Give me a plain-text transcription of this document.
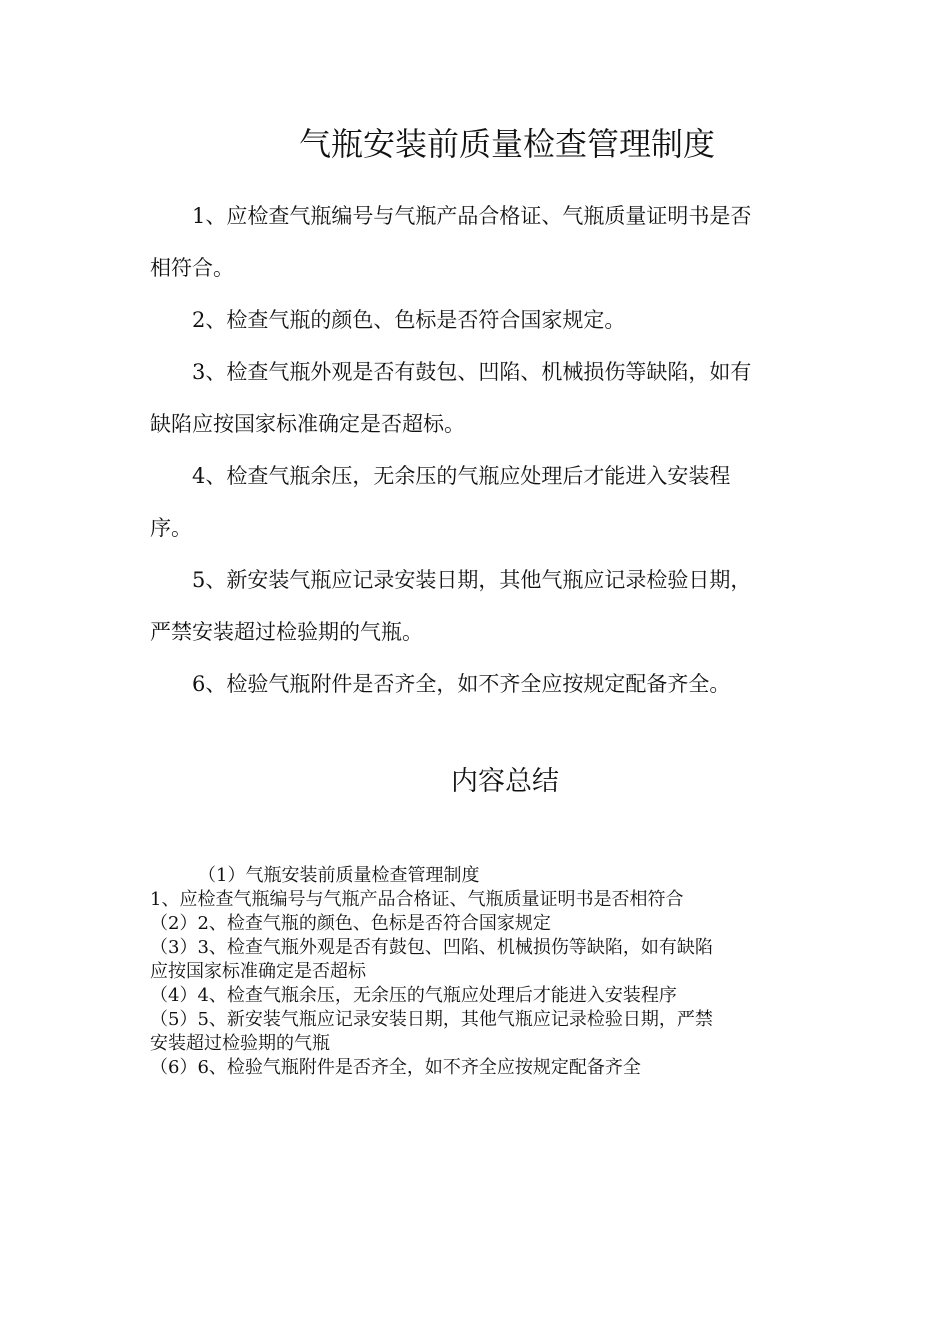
气瓶安装前质量检查管理制度

1、应检查气瓶编号与气瓶产品合格证、气瓶质量证明书是否
相符合。

2、检查气瓶的颜色、色标是否符合国家规定。

3、检查气瓶外观是否有鼓包、凹陷、机械损伤等缺陷，如有
缺陷应按国家标准确定是否超标。

4、检查气瓶余压，无余压的气瓶应处理后才能进入安装程
序。

5、新安装气瓶应记录安装日期，其他气瓶应记录检验日期，
严禁安装超过检验期的气瓶。

6、检验气瓶附件是否齐全，如不齐全应按规定配备齐全。

内容总结

（1）气瓶安装前质量检查管理制度

1、应检查气瓶编号与气瓶产品合格证、气瓶质量证明书是否相符合

（2）2、检查气瓶的颜色、色标是否符合国家规定

（3）3、检查气瓶外观是否有鼓包、凹陷、机械损伤等缺陷，如有缺陷

应按国家标准确定是否超标

（4）4、检查气瓶余压，无余压的气瓶应处理后才能进入安装程序

（5）5、新安装气瓶应记录安装日期，其他气瓶应记录检验日期，严禁

安装超过检验期的气瓶

（6）6、检验气瓶附件是否齐全，如不齐全应按规定配备齐全
